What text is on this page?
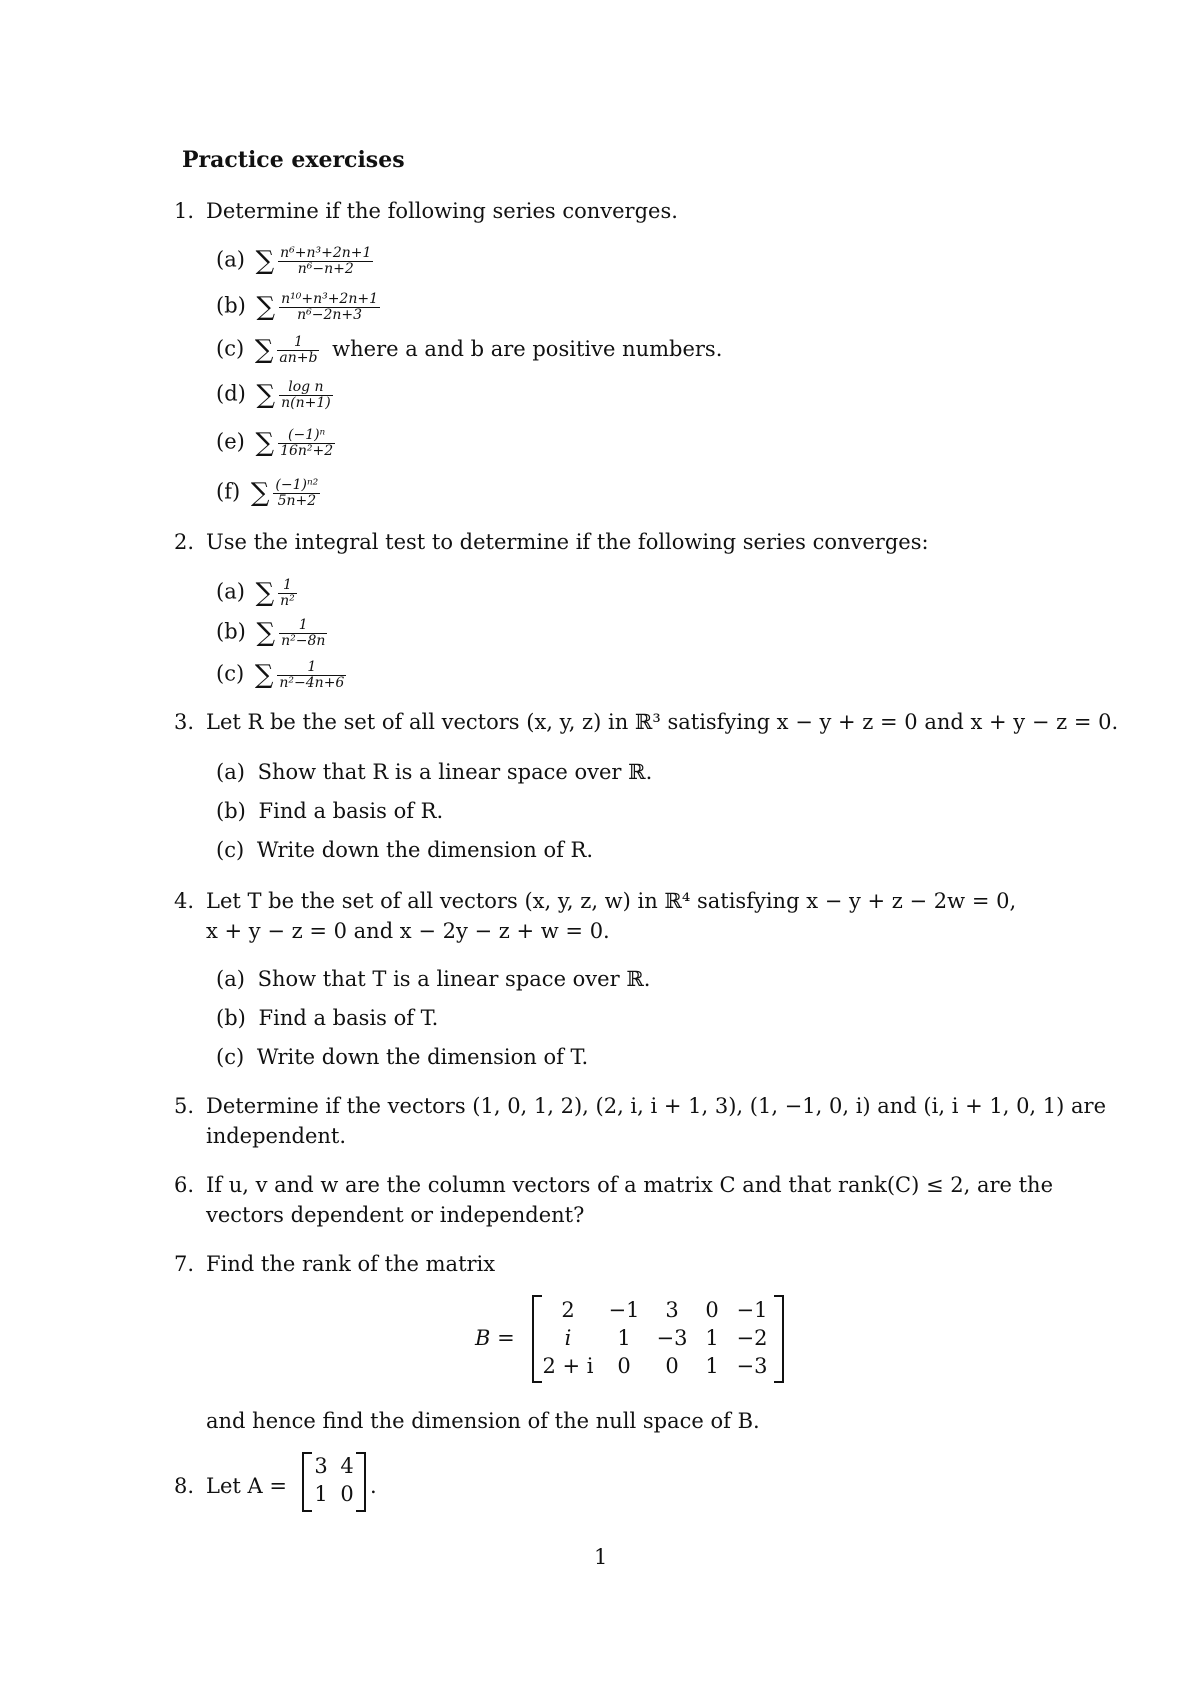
Practice exercises
1. Determine if the following series converges.
(a) ∑ $\frac{\text{n⁶+n³+2n+1}}{\text{n⁶−n+2}}$
(b) ∑ $\frac{\text{n¹⁰+n³+2n+1}}{\text{n⁶−2n+3}}$
(c) ∑ $\frac{1}{an+b}$ where a and b are positive numbers.
(d) ∑ $\frac{\text{log n}}{n(n+1)}$
(e) ∑ $\frac{\text{(−1)ⁿ}}{\text{16n²+2}}$
(f) ∑ $\frac{\text{(−1)ⁿ²}}{5n+2}$
2. Use the integral test to determine if the following series converges:
(a) ∑ $\frac{1}{\text{n²}}$
(b) ∑ $\frac{1}{\text{n²−8n}}$
(c) ∑ $\frac{1}{\text{n²−4n+6}}$
3. Let R be the set of all vectors (x, y, z) in ℝ³ satisfying x − y + z = 0 and x + y − z = 0.
(a) Show that R is a linear space over ℝ.
(b) Find a basis of R.
(c) Write down the dimension of R.
4. Let T be the set of all vectors (x, y, z, w) in ℝ⁴ satisfying x − y + z − 2w = 0,
x + y − z = 0 and x − 2y − z + w = 0.
(a) Show that T is a linear space over ℝ.
(b) Find a basis of T.
(c) Write down the dimension of T.
5. Determine if the vectors (1, 0, 1, 2), (2, i, i + 1, 3), (1, −1, 0, i) and (i, i + 1, 0, 1) are
independent.
6. If u, v and w are the column vectors of a matrix C and that rank(C) ≤ 2, are the
vectors dependent or independent?
7. Find the rank of the matrix
B =
2	−1	3	0 −1
i	1	−3 1 −2
2 + i	0	0	1 −3
and hence find the dimension of the null space of B.
8. Let A =
3 4
1 0 .
1
